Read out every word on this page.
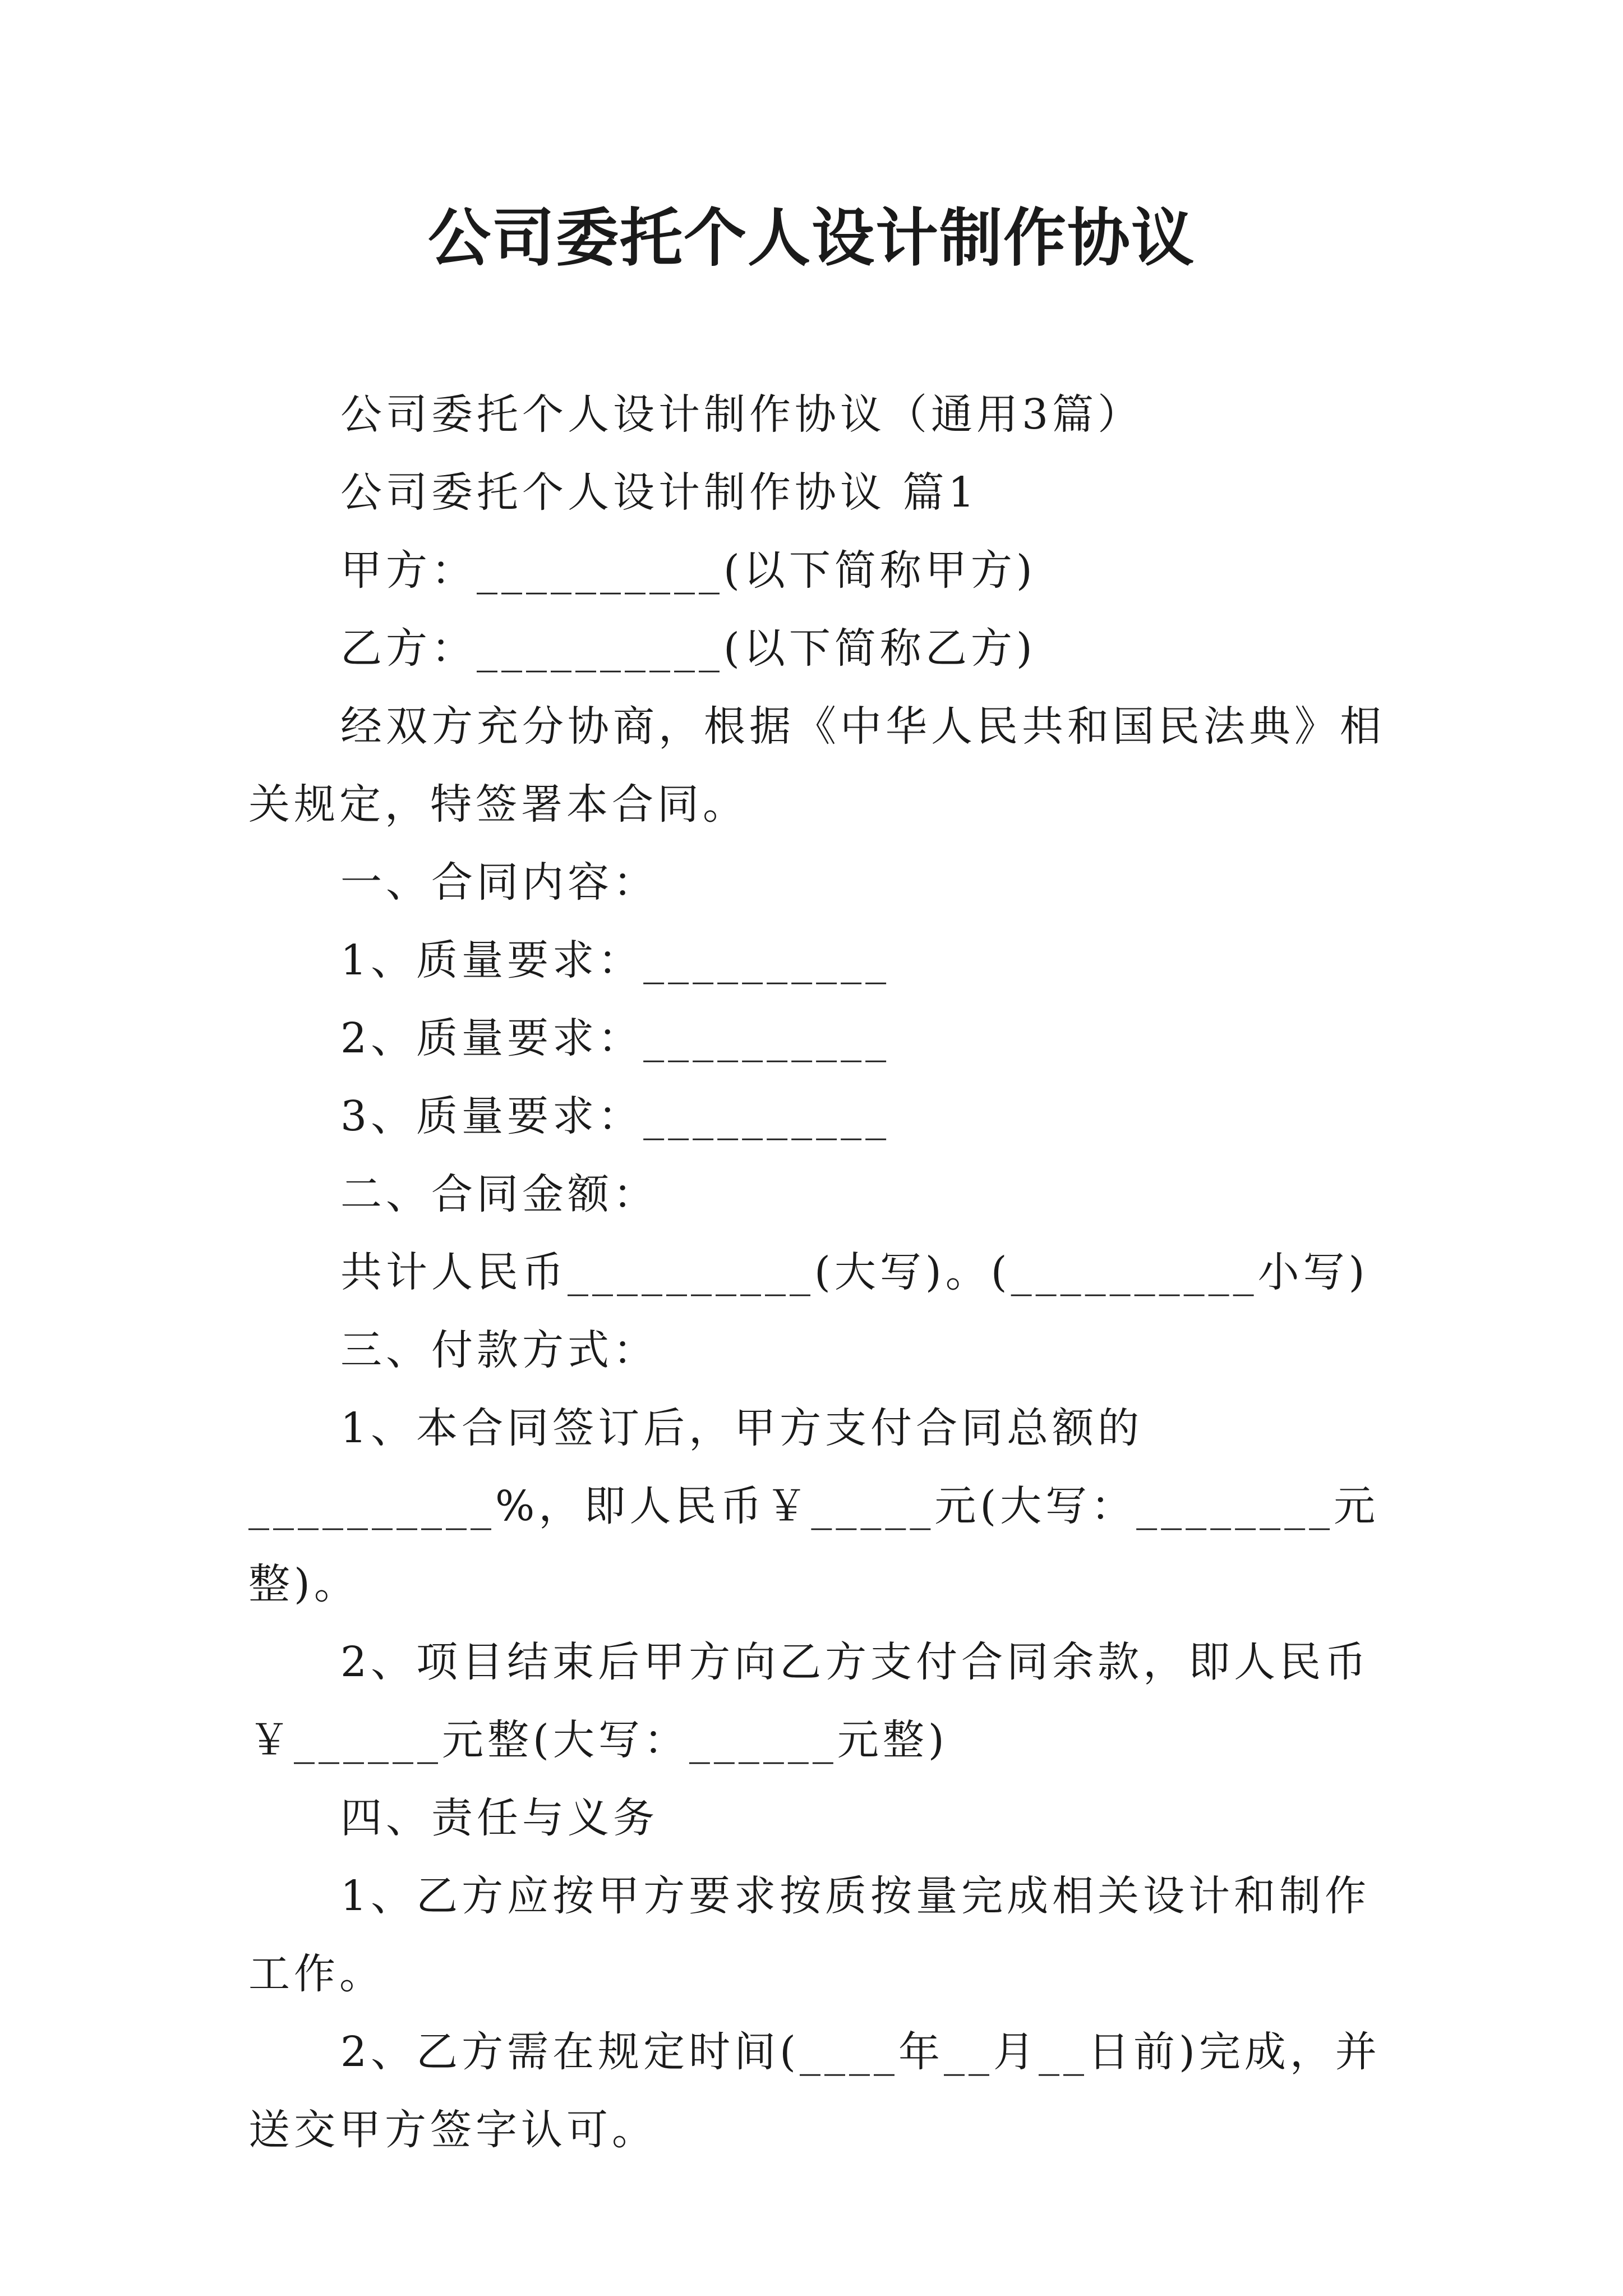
公司委托个人设计制作协议

公司委托个人设计制作协议（通用3篇）

公司委托个人设计制作协议 篇1

甲方：__________(以下简称甲方)

乙方：__________(以下简称乙方)

经双方充分协商，根据《中华人民共和国民法典》相关规定，特签署本合同。

一、合同内容：

1、质量要求：__________

2、质量要求：__________

3、质量要求：__________

二、合同金额：

共计人民币__________(大写)。(__________小写)

三、付款方式：

1、本合同签订后，甲方支付合同总额的__________%，即人民币￥_____元(大写：________元整)。

2、项目结束后甲方向乙方支付合同余款，即人民币￥______元整(大写：______元整)

四、责任与义务

1、乙方应按甲方要求按质按量完成相关设计和制作工作。

2、乙方需在规定时间(____年__月__日前)完成，并送交甲方签字认可。
